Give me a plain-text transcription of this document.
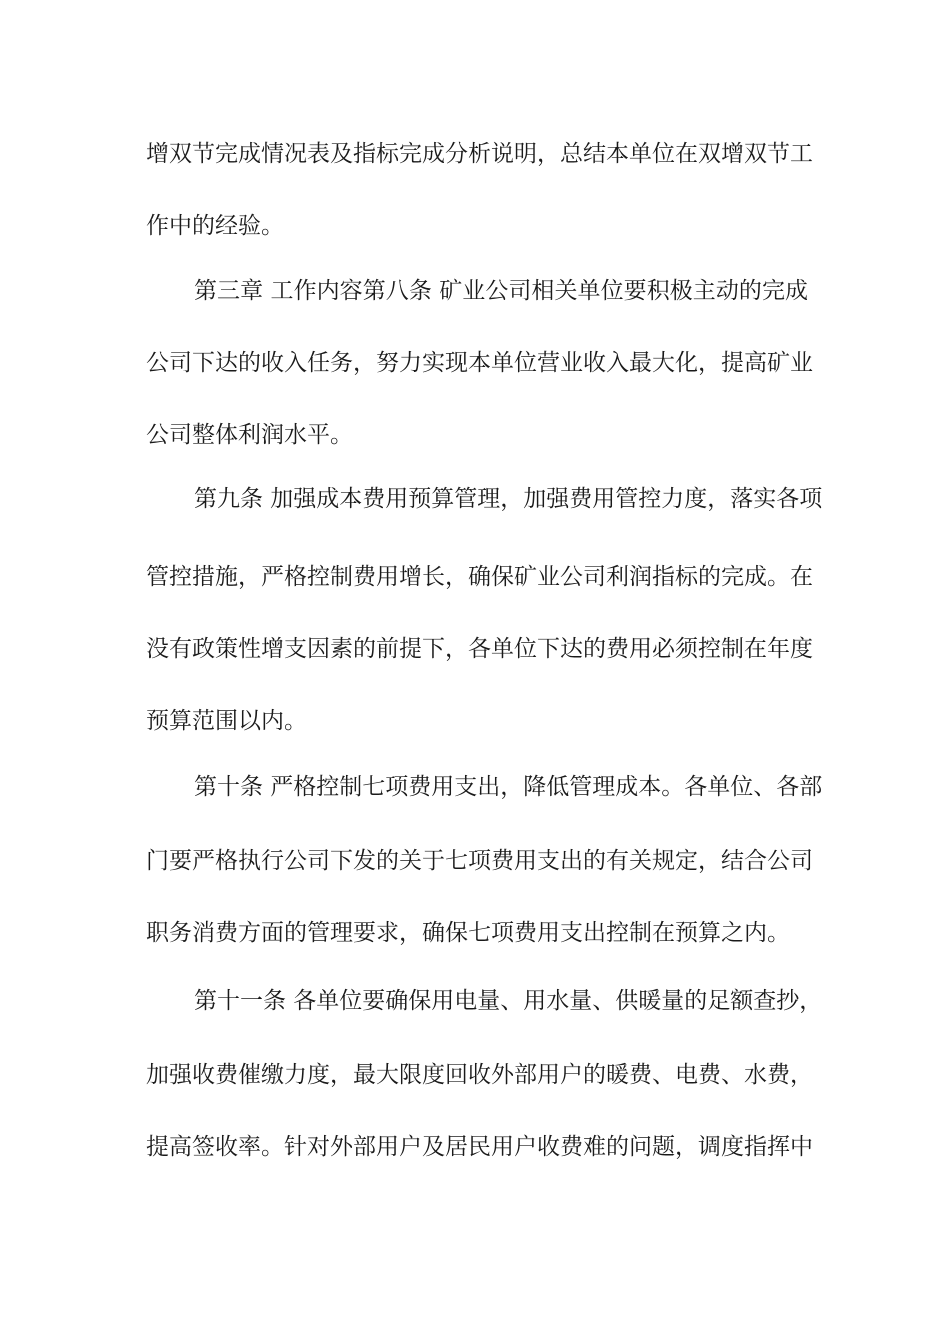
增双节完成情况表及指标完成分析说明，总结本单位在双增双节工
作中的经验。
第三章 工作内容第八条 矿业公司相关单位要积极主动的完成
公司下达的收入任务，努力实现本单位营业收入最大化，提高矿业
公司整体利润水平。
第九条 加强成本费用预算管理，加强费用管控力度，落实各项
管控措施，严格控制费用增长，确保矿业公司利润指标的完成。在
没有政策性增支因素的前提下，各单位下达的费用必须控制在年度
预算范围以内。
第十条 严格控制七项费用支出，降低管理成本。各单位、各部
门要严格执行公司下发的关于七项费用支出的有关规定，结合公司
职务消费方面的管理要求，确保七项费用支出控制在预算之内。
第十一条 各单位要确保用电量、用水量、供暖量的足额查抄，
加强收费催缴力度，最大限度回收外部用户的暖费、电费、水费，
提高签收率。针对外部用户及居民用户收费难的问题，调度指挥中
